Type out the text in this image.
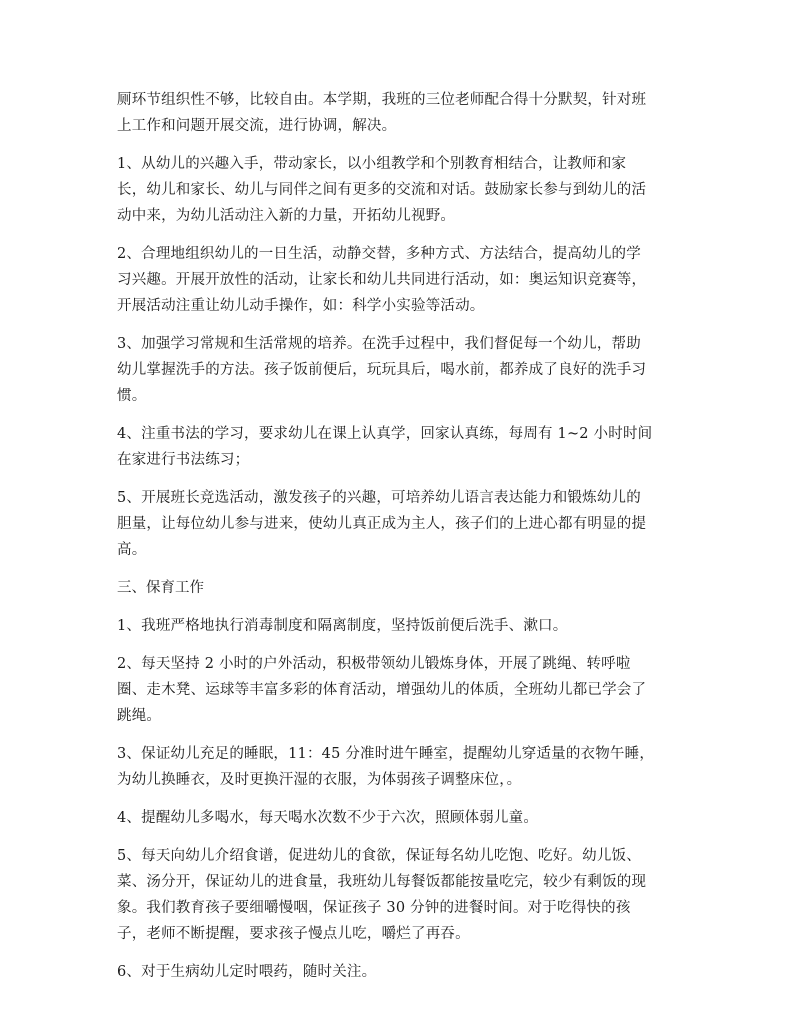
厕环节组织性不够，比较自由。本学期，我班的三位老师配合得十分默契，针对班
上工作和问题开展交流，进行协调，解决。

1、从幼儿的兴趣入手，带动家长，以小组教学和个别教育相结合，让教师和家
长，幼儿和家长、幼儿与同伴之间有更多的交流和对话。鼓励家长参与到幼儿的活
动中来，为幼儿活动注入新的力量，开拓幼儿视野。

2、合理地组织幼儿的一日生活，动静交替，多种方式、方法结合，提高幼儿的学
习兴趣。开展开放性的活动，让家长和幼儿共同进行活动，如：奥运知识竞赛等，
开展活动注重让幼儿动手操作，如：科学小实验等活动。

3、加强学习常规和生活常规的培养。在洗手过程中，我们督促每一个幼儿，帮助
幼儿掌握洗手的方法。孩子饭前便后，玩玩具后，喝水前，都养成了良好的洗手习
惯。

4、注重书法的学习，要求幼儿在课上认真学，回家认真练，每周有 1~2 小时时间
在家进行书法练习；

5、开展班长竞选活动，激发孩子的兴趣，可培养幼儿语言表达能力和锻炼幼儿的
胆量，让每位幼儿参与进来，使幼儿真正成为主人，孩子们的上进心都有明显的提
高。

三、保育工作

1、我班严格地执行消毒制度和隔离制度，坚持饭前便后洗手、漱口。

2、每天坚持 2 小时的户外活动，积极带领幼儿锻炼身体，开展了跳绳、转呼啦
圈、走木凳、运球等丰富多彩的体育活动，增强幼儿的体质，全班幼儿都已学会了
跳绳。

3、保证幼儿充足的睡眠，11：45 分准时进午睡室，提醒幼儿穿适量的衣物午睡，
为幼儿换睡衣，及时更换汗湿的衣服，为体弱孩子调整床位，。

4、提醒幼儿多喝水，每天喝水次数不少于六次，照顾体弱儿童。

5、每天向幼儿介绍食谱，促进幼儿的食欲，保证每名幼儿吃饱、吃好。幼儿饭、
菜、汤分开，保证幼儿的进食量，我班幼儿每餐饭都能按量吃完，较少有剩饭的现
象。我们教育孩子要细嚼慢咽，保证孩子 30 分钟的进餐时间。对于吃得快的孩
子，老师不断提醒，要求孩子慢点儿吃，嚼烂了再吞。

6、对于生病幼儿定时喂药，随时关注。
